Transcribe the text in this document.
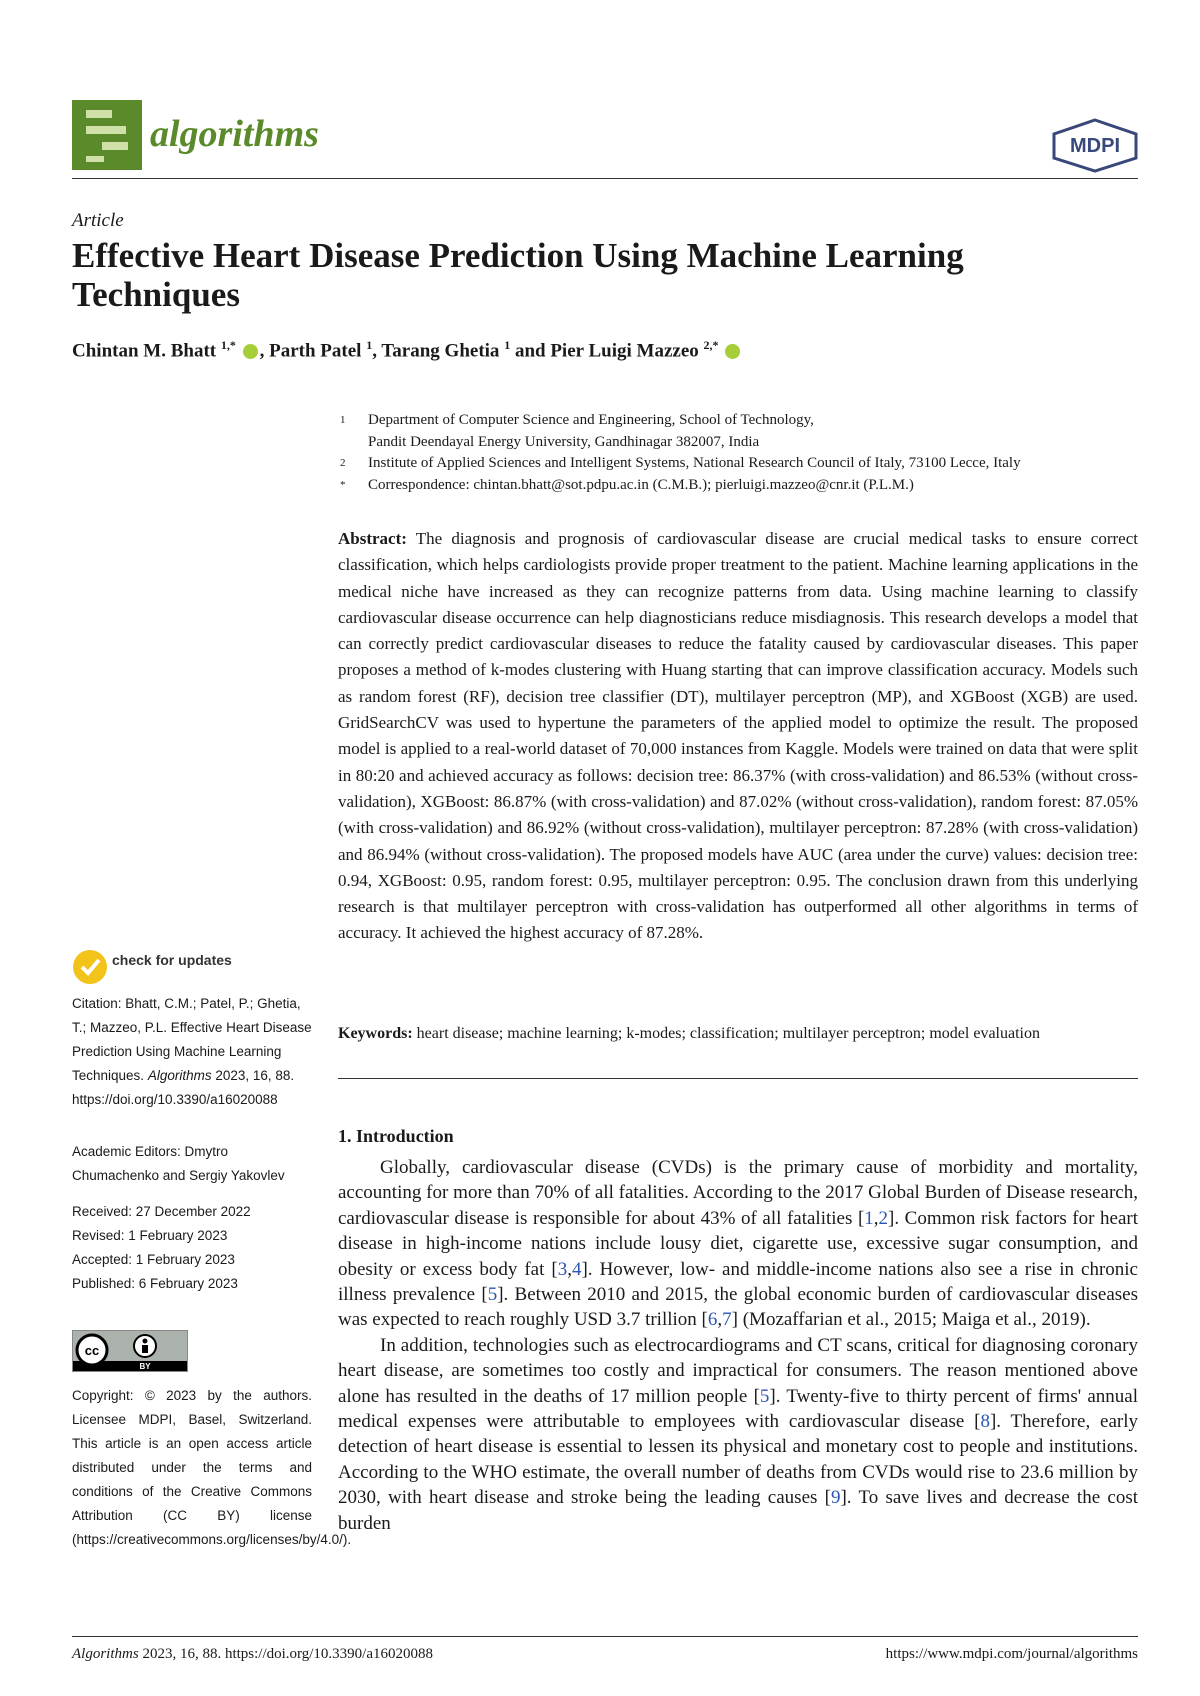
algorithms	MDPI
Article
Effective Heart Disease Prediction Using Machine Learning Techniques
Chintan M. Bhatt $^{1,*}$ , Parth Patel $^1$, Tarang Ghetia $^1$ and Pier Luigi Mazzeo $^{2,*}$
1	Department of Computer Science and Engineering, School of Technology,
Pandit Deendayal Energy University, Gandhinagar 382007, India
2	Institute of Applied Sciences and Intelligent Systems, National Research Council of Italy, 73100 Lecce, Italy
*	Correspondence: chintan.bhatt@sot.pdpu.ac.in (C.M.B.); pierluigi.mazzeo@cnr.it (P.L.M.)
Abstract: The diagnosis and prognosis of cardiovascular disease are crucial medical tasks to ensure correct classification, which helps cardiologists provide proper treatment to the patient. Machine learning applications in the medical niche have increased as they can recognize patterns from data. Using machine learning to classify cardiovascular disease occurrence can help diagnosticians reduce misdiagnosis. This research develops a model that can correctly predict cardiovascular diseases to reduce the fatality caused by cardiovascular diseases. This paper proposes a method of k-modes clustering with Huang starting that can improve classification accuracy. Models such as random forest (RF), decision tree classifier (DT), multilayer perceptron (MP), and XGBoost (XGB) are used. GridSearchCV was used to hypertune the parameters of the applied model to optimize the result. The proposed model is applied to a real-world dataset of 70,000 instances from Kaggle. Models were trained on data that were split in 80:20 and achieved accuracy as follows: decision tree: 86.37% (with cross-validation) and 86.53% (without cross-validation), XGBoost: 86.87% (with cross-validation) and 87.02% (without cross-validation), random forest: 87.05% (with cross-validation) and 86.92% (without cross-validation), multilayer perceptron: 87.28% (with cross-validation) and 86.94% (without cross-validation). The proposed models have AUC (area under the curve) values: decision tree: 0.94, XGBoost: 0.95, random forest: 0.95, multilayer perceptron: 0.95. The conclusion drawn from this underlying research is that multilayer perceptron with cross-validation has outperformed all other algorithms in terms of accuracy. It achieved the highest accuracy of 87.28%.
Keywords: heart disease; machine learning; k-modes; classification; multilayer perceptron; model evaluation
1. Introduction

Globally, cardiovascular disease (CVDs) is the primary cause of morbidity and mortality, accounting for more than 70% of all fatalities. According to the 2017 Global Burden of Disease research, cardiovascular disease is responsible for about 43% of all fatalities [1,2]. Common risk factors for heart disease in high-income nations include lousy diet, cigarette use, excessive sugar consumption, and obesity or excess body fat [3,4]. However, low- and middle-income nations also see a rise in chronic illness prevalence [5]. Between 2010 and 2015, the global economic burden of cardiovascular diseases was expected to reach roughly USD 3.7 trillion [6,7] (Mozaffarian et al., 2015; Maiga et al., 2019).

In addition, technologies such as electrocardiograms and CT scans, critical for diagnosing coronary heart disease, are sometimes too costly and impractical for consumers. The reason mentioned above alone has resulted in the deaths of 17 million people [5]. Twenty-five to thirty percent of firms' annual medical expenses were attributable to employees with cardiovascular disease [8]. Therefore, early detection of heart disease is essential to lessen its physical and monetary cost to people and institutions. According to the WHO estimate, the overall number of deaths from CVDs would rise to 23.6 million by 2030, with heart disease and stroke being the leading causes [9]. To save lives and decrease the cost burden

check for updates

Citation: Bhatt, C.M.; Patel, P.; Ghetia, T.; Mazzeo, P.L. Effective Heart Disease Prediction Using Machine Learning Techniques. Algorithms 2023, 16, 88. https://doi.org/10.3390/a16020088

Academic Editors: Dmytro Chumachenko and Sergiy Yakovlev

Received: 27 December 2022

Revised: 1 February 2023

Accepted: 1 February 2023

Published: 6 February 2023

cc
BY
Copyright: © 2023 by the authors. Licensee MDPI, Basel, Switzerland. This article is an open access article distributed under the terms and conditions of the Creative Commons Attribution (CC BY) license (https://creativecommons.org/licenses/by/4.0/).
Algorithms 2023, 16, 88. https://doi.org/10.3390/a16020088	https://www.mdpi.com/journal/algorithms
